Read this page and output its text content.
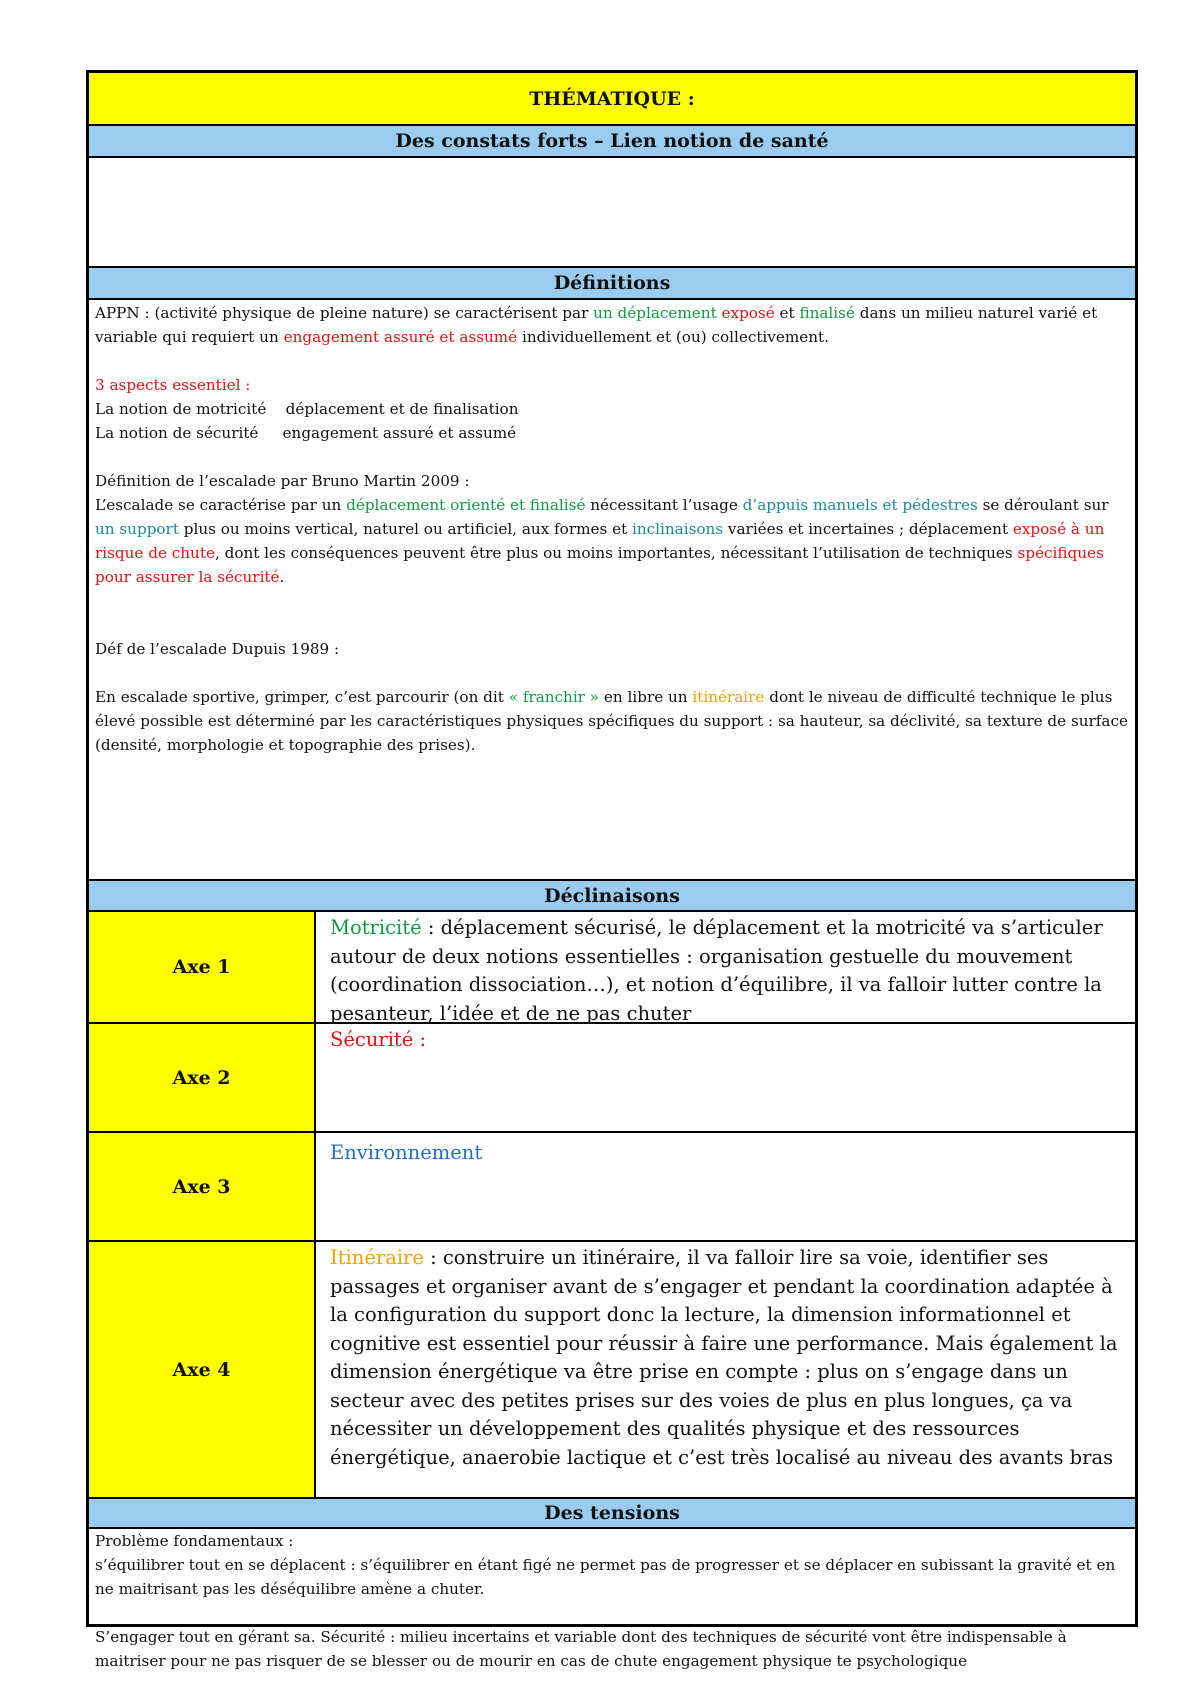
THÉMATIQUE :
Des constats forts – Lien notion de santé
Définitions

APPN : (activité physique de pleine nature) se caractérisent par un déplacement exposé et finalisé dans un milieu naturel varié et variable qui requiert un engagement assuré et assumé individuellement et (ou) collectivement.

3 aspects essentiel :

La notion de motricité    déplacement et de finalisation

La notion de sécurité     engagement assuré et assumé

Définition de l’escalade par Bruno Martin 2009 :

L’escalade se caractérise par un déplacement orienté et finalisé nécessitant l’usage d’appuis manuels et pédestres se déroulant sur un support plus ou moins vertical, naturel ou artificiel, aux formes et inclinaisons variées et incertaines ; déplacement exposé à un risque de chute, dont les conséquences peuvent être plus ou moins importantes, nécessitant l’utilisation de techniques spécifiques pour assurer la sécurité.

Déf de l’escalade Dupuis 1989 :

En escalade sportive, grimper, c’est parcourir (on dit « franchir » en libre un itinéraire dont le niveau de difficulté technique le plus élevé possible est déterminé par les caractéristiques physiques spécifiques du support : sa hauteur, sa déclivité, sa texture de surface (densité, morphologie et topographie des prises).

Déclinaisons
Axe 1
Motricité : déplacement sécurisé, le déplacement et la motricité va s’articuler autour de deux notions essentielles : organisation gestuelle du mouvement (coordination dissociation…), et notion d’équilibre, il va falloir lutter contre la pesanteur, l’idée et de ne pas chuter
Axe 2
Sécurité :
Axe 3
Environnement
Axe 4
Itinéraire : construire un itinéraire, il va falloir lire sa voie, identifier ses passages et organiser avant de s’engager et pendant la coordination adaptée à la configuration du support donc la lecture, la dimension informationnel et cognitive est essentiel pour réussir à faire une performance. Mais également la dimension énergétique va être prise en compte : plus on s’engage dans un secteur avec des petites prises sur des voies de plus en plus longues, ça va nécessiter un développement des qualités physique et des ressources énergétique, anaerobie lactique et c’est très localisé au niveau des avants bras
Des tensions

Problème fondamentaux :

s’équilibrer tout en se déplacent : s’équilibrer en étant figé ne permet pas de progresser et se déplacer en subissant la gravité et en ne maitrisant pas les déséquilibre amène a chuter.

S’engager tout en gérant sa. Sécurité : milieu incertains et variable dont des techniques de sécurité vont être indispensable à maitriser pour ne pas risquer de se blesser ou de mourir en cas de chute engagement physique te psychologique
